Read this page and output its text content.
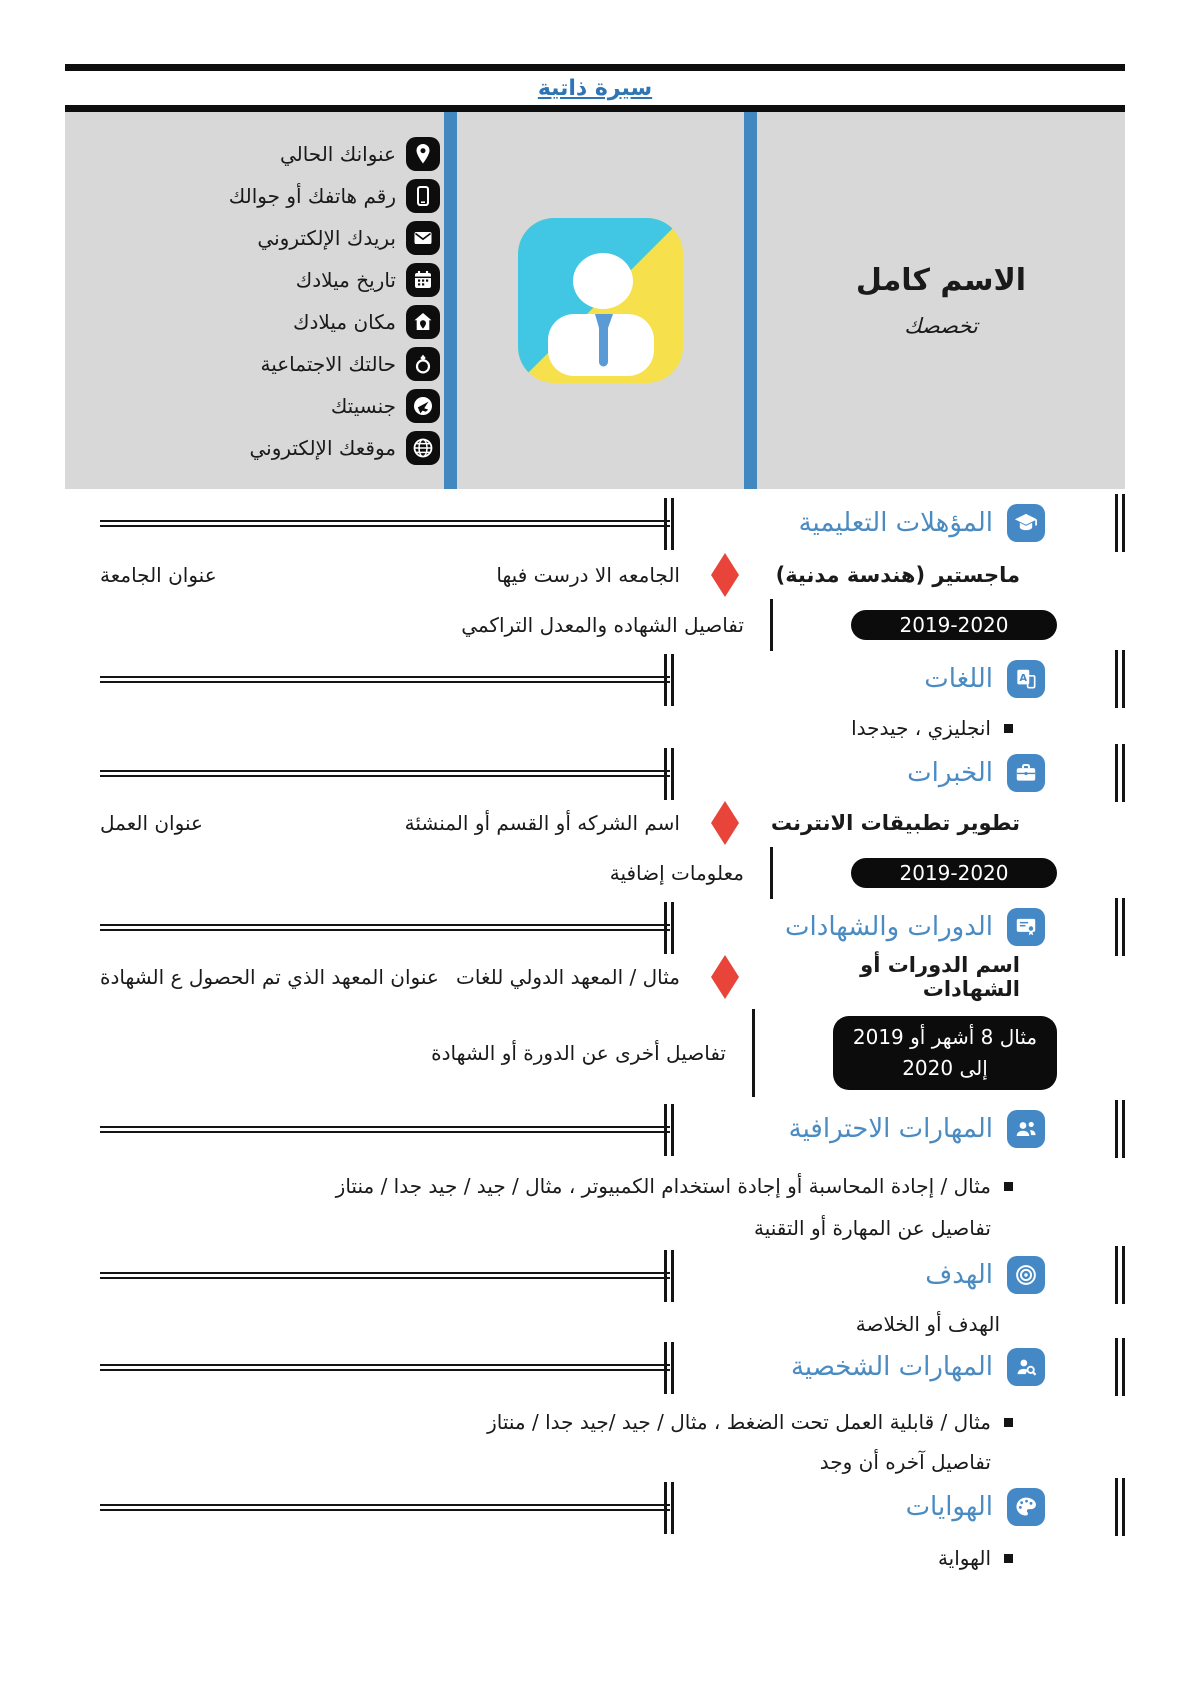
سيرة ذاتية
الاسم كامل
تخصصك
عنوانك الحالي
رقم هاتفك أو جوالك
بريدك الإلكتروني
تاريخ ميلادك
مكان ميلادك
حالتك الاجتماعية
جنسيتك
موقعك الإلكتروني
المؤهلات التعليمية
ماجستير (هندسة مدنية)
الجامعه الا درست فيها
عنوان الجامعة
2019-2020
تفاصيل الشهاده والمعدل التراكمي
A
اللغات
انجليزي ، جيدجدا
الخبرات
تطوير تطبيقات الانترنت
اسم الشركه أو القسم أو المنشئة
عنوان العمل
2019-2020
معلومات إضافية
الدورات والشهادات
اسم الدورات أو الشهادات
مثال / المعهد الدولي للغات
عنوان المعهد الذي تم الحصول ع الشهادة
مثال 8 أشهر أو 2019
إلى 2020
تفاصيل أخرى عن الدورة أو الشهادة
المهارات الاحترافية
مثال / إجادة المحاسبة أو إجادة استخدام الكمبيوتر ، مثال / جيد / جيد جدا / منتاز
تفاصيل عن المهارة أو التقنية
الهدف
الهدف أو الخلاصة
المهارات الشخصية
مثال / قابلية العمل تحت الضغط ، مثال / جيد /جيد جدا / منتاز
تفاصيل آخره أن وجد
الهوايات
الهواية
